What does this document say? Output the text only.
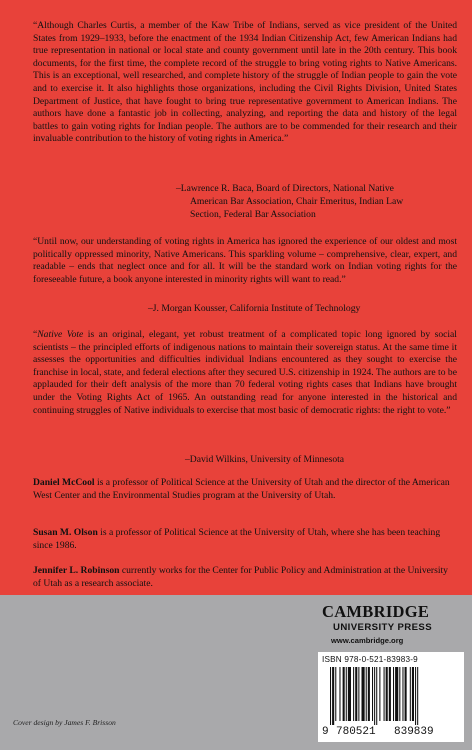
“Although Charles Curtis, a member of the Kaw Tribe of Indians, served as vice president of the United States from 1929–1933, before the enactment of the 1934 Indian Citizenship Act, few American Indians had true representation in national or local state and county government until late in the 20th century. This book documents, for the first time, the complete record of the struggle to bring voting rights to Native Americans. This is an exceptional, well researched, and complete history of the struggle of Indian people to gain the vote and to exercise it. It also highlights those organizations, including the Civil Rights Division, United States Department of Justice, that have fought to bring true representative government to American Indians. The authors have done a fantastic job in collecting, analyzing, and reporting the data and history of the legal battles to gain voting rights for Indian people. The authors are to be commended for their research and their invaluable contribution to the history of voting rights in America.”

–Lawrence R. Baca, Board of Directors, National Native

American Bar Association, Chair Emeritus, Indian Law

Section, Federal Bar Association

“Until now, our understanding of voting rights in America has ignored the experience of our oldest and most politically oppressed minority, Native Americans. This sparkling volume – comprehensive, clear, expert, and readable – ends that neglect once and for all. It will be the standard work on Indian voting rights for the foreseeable future, a book anyone interested in minority rights will want to read.”

–J. Morgan Kousser, California Institute of Technology

“Native Vote is an original, elegant, yet robust treatment of a complicated topic long ignored by social scientists – the principled efforts of indigenous nations to maintain their sovereign status. At the same time it assesses the opportunities and difficulties individual Indians encountered as they sought to exercise the franchise in local, state, and federal elections after they secured U.S. citizenship in 1924. The authors are to be applauded for their deft analysis of the more than 70 federal voting rights cases that Indians have brought under the Voting Rights Act of 1965. An outstanding read for anyone interested in the historical and continuing struggles of Native individuals to exercise that most basic of democratic rights: the right to vote.”

–David Wilkins, University of Minnesota

Daniel McCool is a professor of Political Science at the University of Utah and the director of the American West Center and the Environmental Studies program at the University of Utah.

Susan M. Olson is a professor of Political Science at the University of Utah, where she has been teaching since 1986.

Jennifer L. Robinson currently works for the Center for Public Policy and Administration at the University of Utah as a research associate.

CAMBRIDGE
UNIVERSITY PRESS
www.cambridge.org
ISBN 978-0-521-83983-9
9 780521 839839
Cover design by James F. Brisson
